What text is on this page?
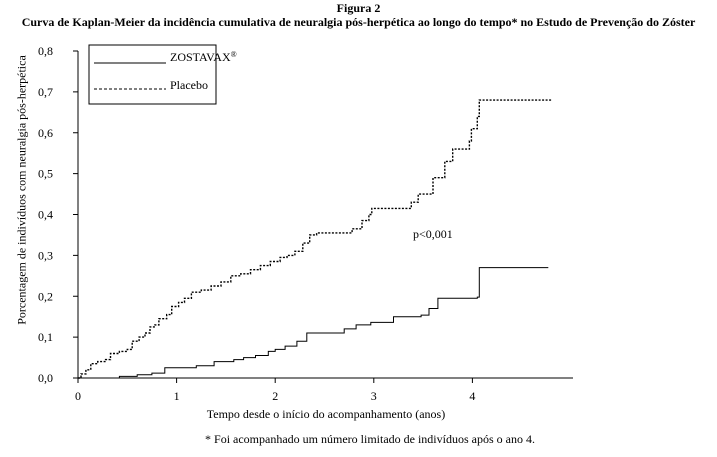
Figura 2
Curva de Kaplan-Meier da incidência cumulativa de neuralgia pós-herpética ao longo do tempo* no Estudo de Prevenção do Zóster
0,0
0,1
0,2
0,3
0,4
0,5
0,6
0,7
0,8
0	1	2	3	4
ZOSTAVAX®
Placebo
p<0,001
Porcentagem de indivíduos com neuralgia pós-herpética
Tempo desde o início do acompanhamento (anos)
* Foi acompanhado um número limitado de indivíduos após o ano 4.
